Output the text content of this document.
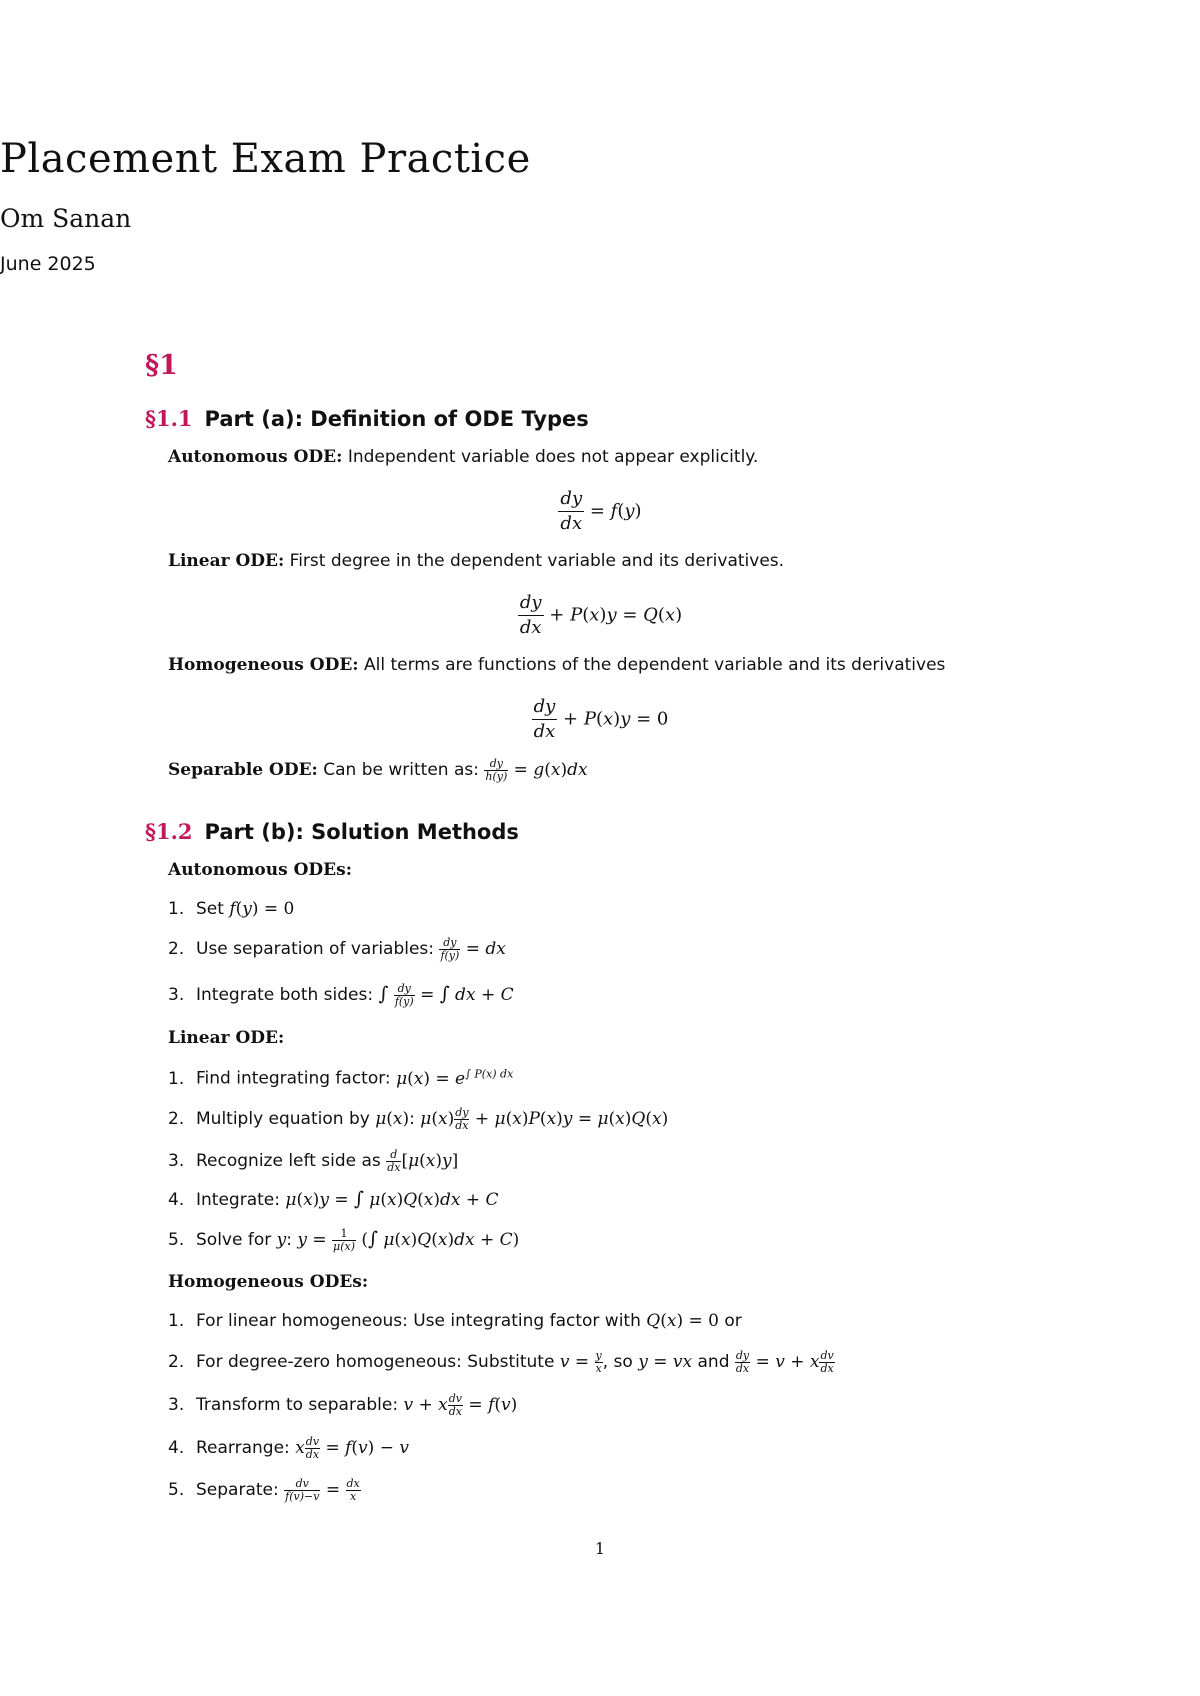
Placement Exam Practice
Om Sanan
June 2025
§1
§1.1 Part (a): Definition of ODE Types
Autonomous ODE: Independent variable does not appear explicitly.
$\frac{dy}{dx} = f(y)$
Linear ODE: First degree in the dependent variable and its derivatives.
$\frac{dy}{dx} + P(x)y = Q(x)$
Homogeneous ODE: All terms are functions of the dependent variable and its derivatives
$\frac{dy}{dx} + P(x)y = 0$
Separable ODE: Can be written as: $\frac{dy}{h(y)} = g(x)dx$
§1.2 Part (b): Solution Methods
Autonomous ODEs:
1. Set f(y) = 0
2. Use separation of variables: $\frac{dy}{f(y)}$ = dx
3. Integrate both sides: ∫ $\frac{dy}{f(y)}$ = ∫ dx + C
Linear ODE:
1. Find integrating factor: $\mu(x) = e^{\int P(x) dx}$
2. Multiply equation by μ(x): $\mu(x) \frac{dy}{dx} + \mu(x)P(x)y = \mu(x)Q(x)$
3. Recognize left side as $\frac{d}{dx} [\mu(x)y]$
4. Integrate: μ(x)y = ∫ μ(x)Q(x)dx + C
5. Solve for y: $y = \frac{1}{\mu(x)}$ (∫ μ(x)Q(x)dx + C)
Homogeneous ODEs:
1. For linear homogeneous: Use integrating factor with Q(x) = 0 or
2. For degree-zero homogeneous: Substitute $v = \frac{y}{x}$ , so y = vx and $\frac{dy}{dx} = v + x \frac{dv}{dx}$
3. Transform to separable: v + x $\frac{dv}{dx} = f(v)$
4. Rearrange: x $\frac{dv}{dx} = f(v) - v$
5. Separate: $\frac{dv}{f(v)-v} = \frac{dx}{x}$
1
